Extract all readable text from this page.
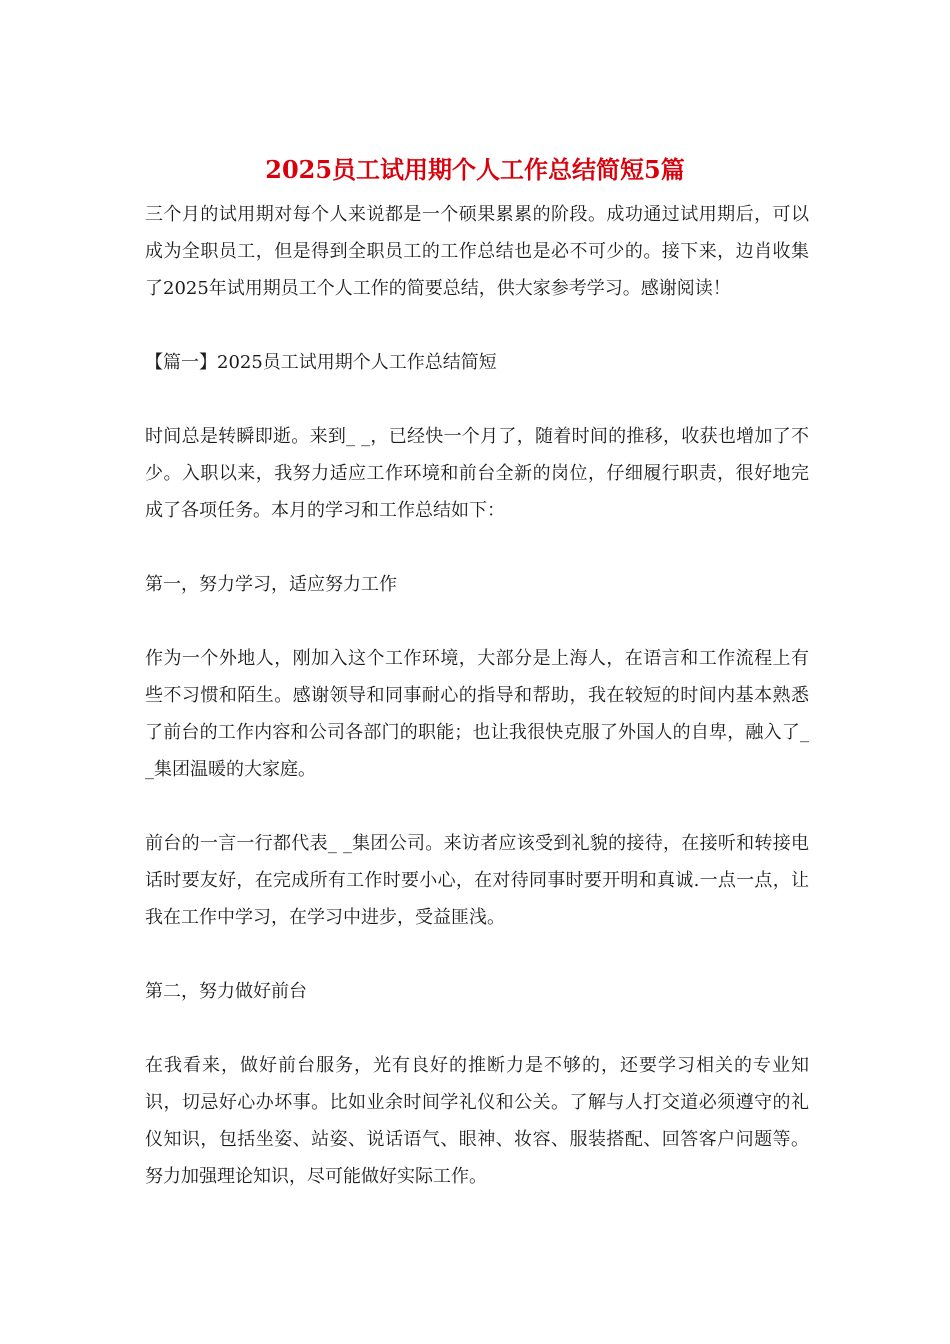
2025员工试用期个人工作总结简短5篇

三个月的试用期对每个人来说都是一个硕果累累的阶段。成功通过试用期后，可以成为全职员工，但是得到全职员工的工作总结也是必不可少的。接下来，边肖收集了2025年试用期员工个人工作的简要总结，供大家参考学习。感谢阅读！

【篇一】2025员工试用期个人工作总结简短

时间总是转瞬即逝。来到_ _，已经快一个月了，随着时间的推移，收获也增加了不少。入职以来，我努力适应工作环境和前台全新的岗位，仔细履行职责，很好地完成了各项任务。本月的学习和工作总结如下：

第一，努力学习，适应努力工作

作为一个外地人，刚加入这个工作环境，大部分是上海人，在语言和工作流程上有些不习惯和陌生。感谢领导和同事耐心的指导和帮助，我在较短的时间内基本熟悉了前台的工作内容和公司各部门的职能；也让我很快克服了外国人的自卑，融入了_ _集团温暖的大家庭。

前台的一言一行都代表_ _集团公司。来访者应该受到礼貌的接待，在接听和转接电话时要友好，在完成所有工作时要小心，在对待同事时要开明和真诚.一点一点，让我在工作中学习，在学习中进步，受益匪浅。

第二，努力做好前台

在我看来，做好前台服务，光有良好的推断力是不够的，还要学习相关的专业知识，切忌好心办坏事。比如业余时间学礼仪和公关。了解与人打交道必须遵守的礼仪知识，包括坐姿、站姿、说话语气、眼神、妆容、服装搭配、回答客户问题等。努力加强理论知识，尽可能做好实际工作。
